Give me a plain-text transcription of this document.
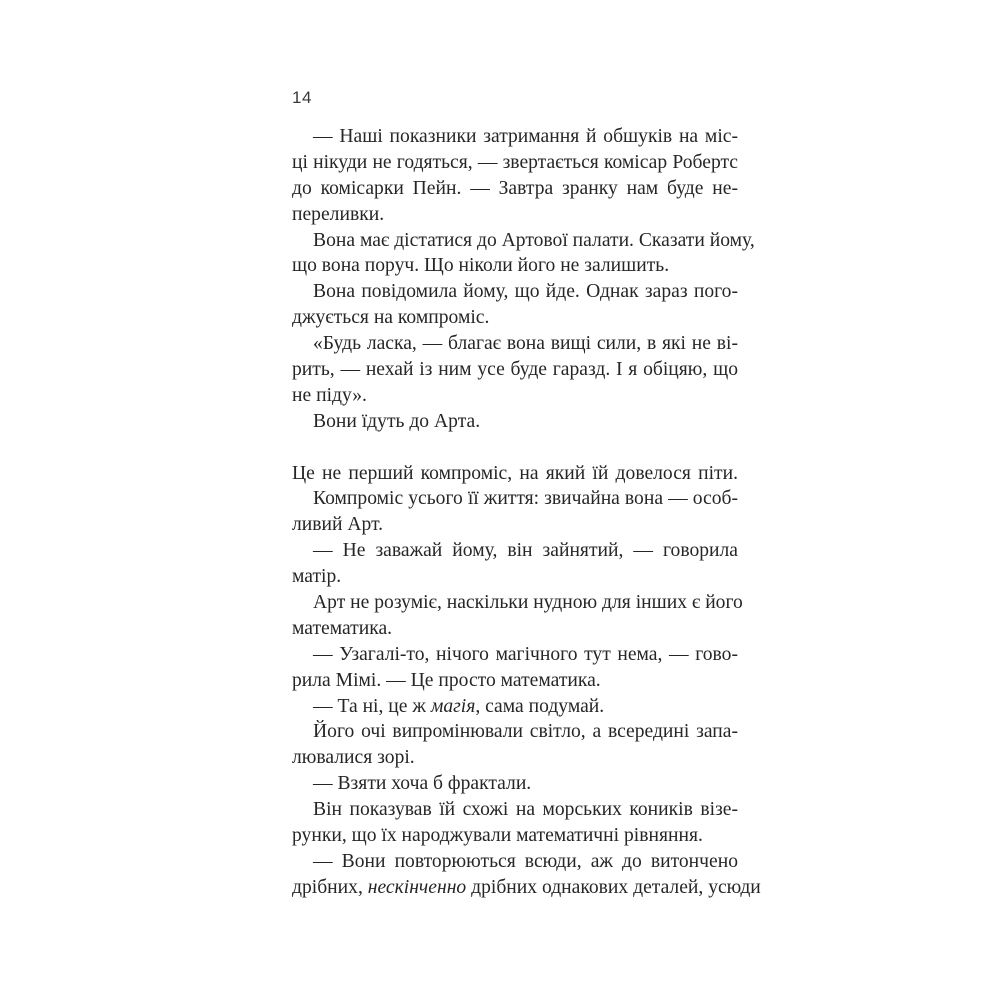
14
— Наші показники затримання й обшуків на міс-
ці нікуди не годяться, — звертається комісар Робертс
до комісарки Пейн. — Завтра зранку нам буде не-
переливки.
Вона має дістатися до Артової палати. Сказати йому,
що вона поруч. Що ніколи його не залишить.
Вона повідомила йому, що йде. Однак зараз пого-
джується на компроміс.
«Будь ласка, — благає вона вищі сили, в які не ві-
рить, — нехай із ним усе буде гаразд. І я обіцяю, що
не піду».
Вони їдуть до Арта.
Це не перший компроміс, на який їй довелося піти.
Компроміс усього її життя: звичайна вона — особ-
ливий Арт.
— Не заважай йому, він зайнятий, — говорила
матір.
Арт не розуміє, наскільки нудною для інших є його
математика.
— Узагалі-то, нічого магічного тут нема, — гово-
рила Мімі. — Це просто математика.
— Та ні, це ж магія, сама подумай.
Його очі випромінювали світло, а всередині запа-
лювалися зорі.
— Взяти хоча б фрактали.
Він показував їй схожі на морських коників візе-
рунки, що їх народжували математичні рівняння.
— Вони повторюються всюди, аж до витончено
дрібних, нескінченно дрібних однакових деталей, усюди
